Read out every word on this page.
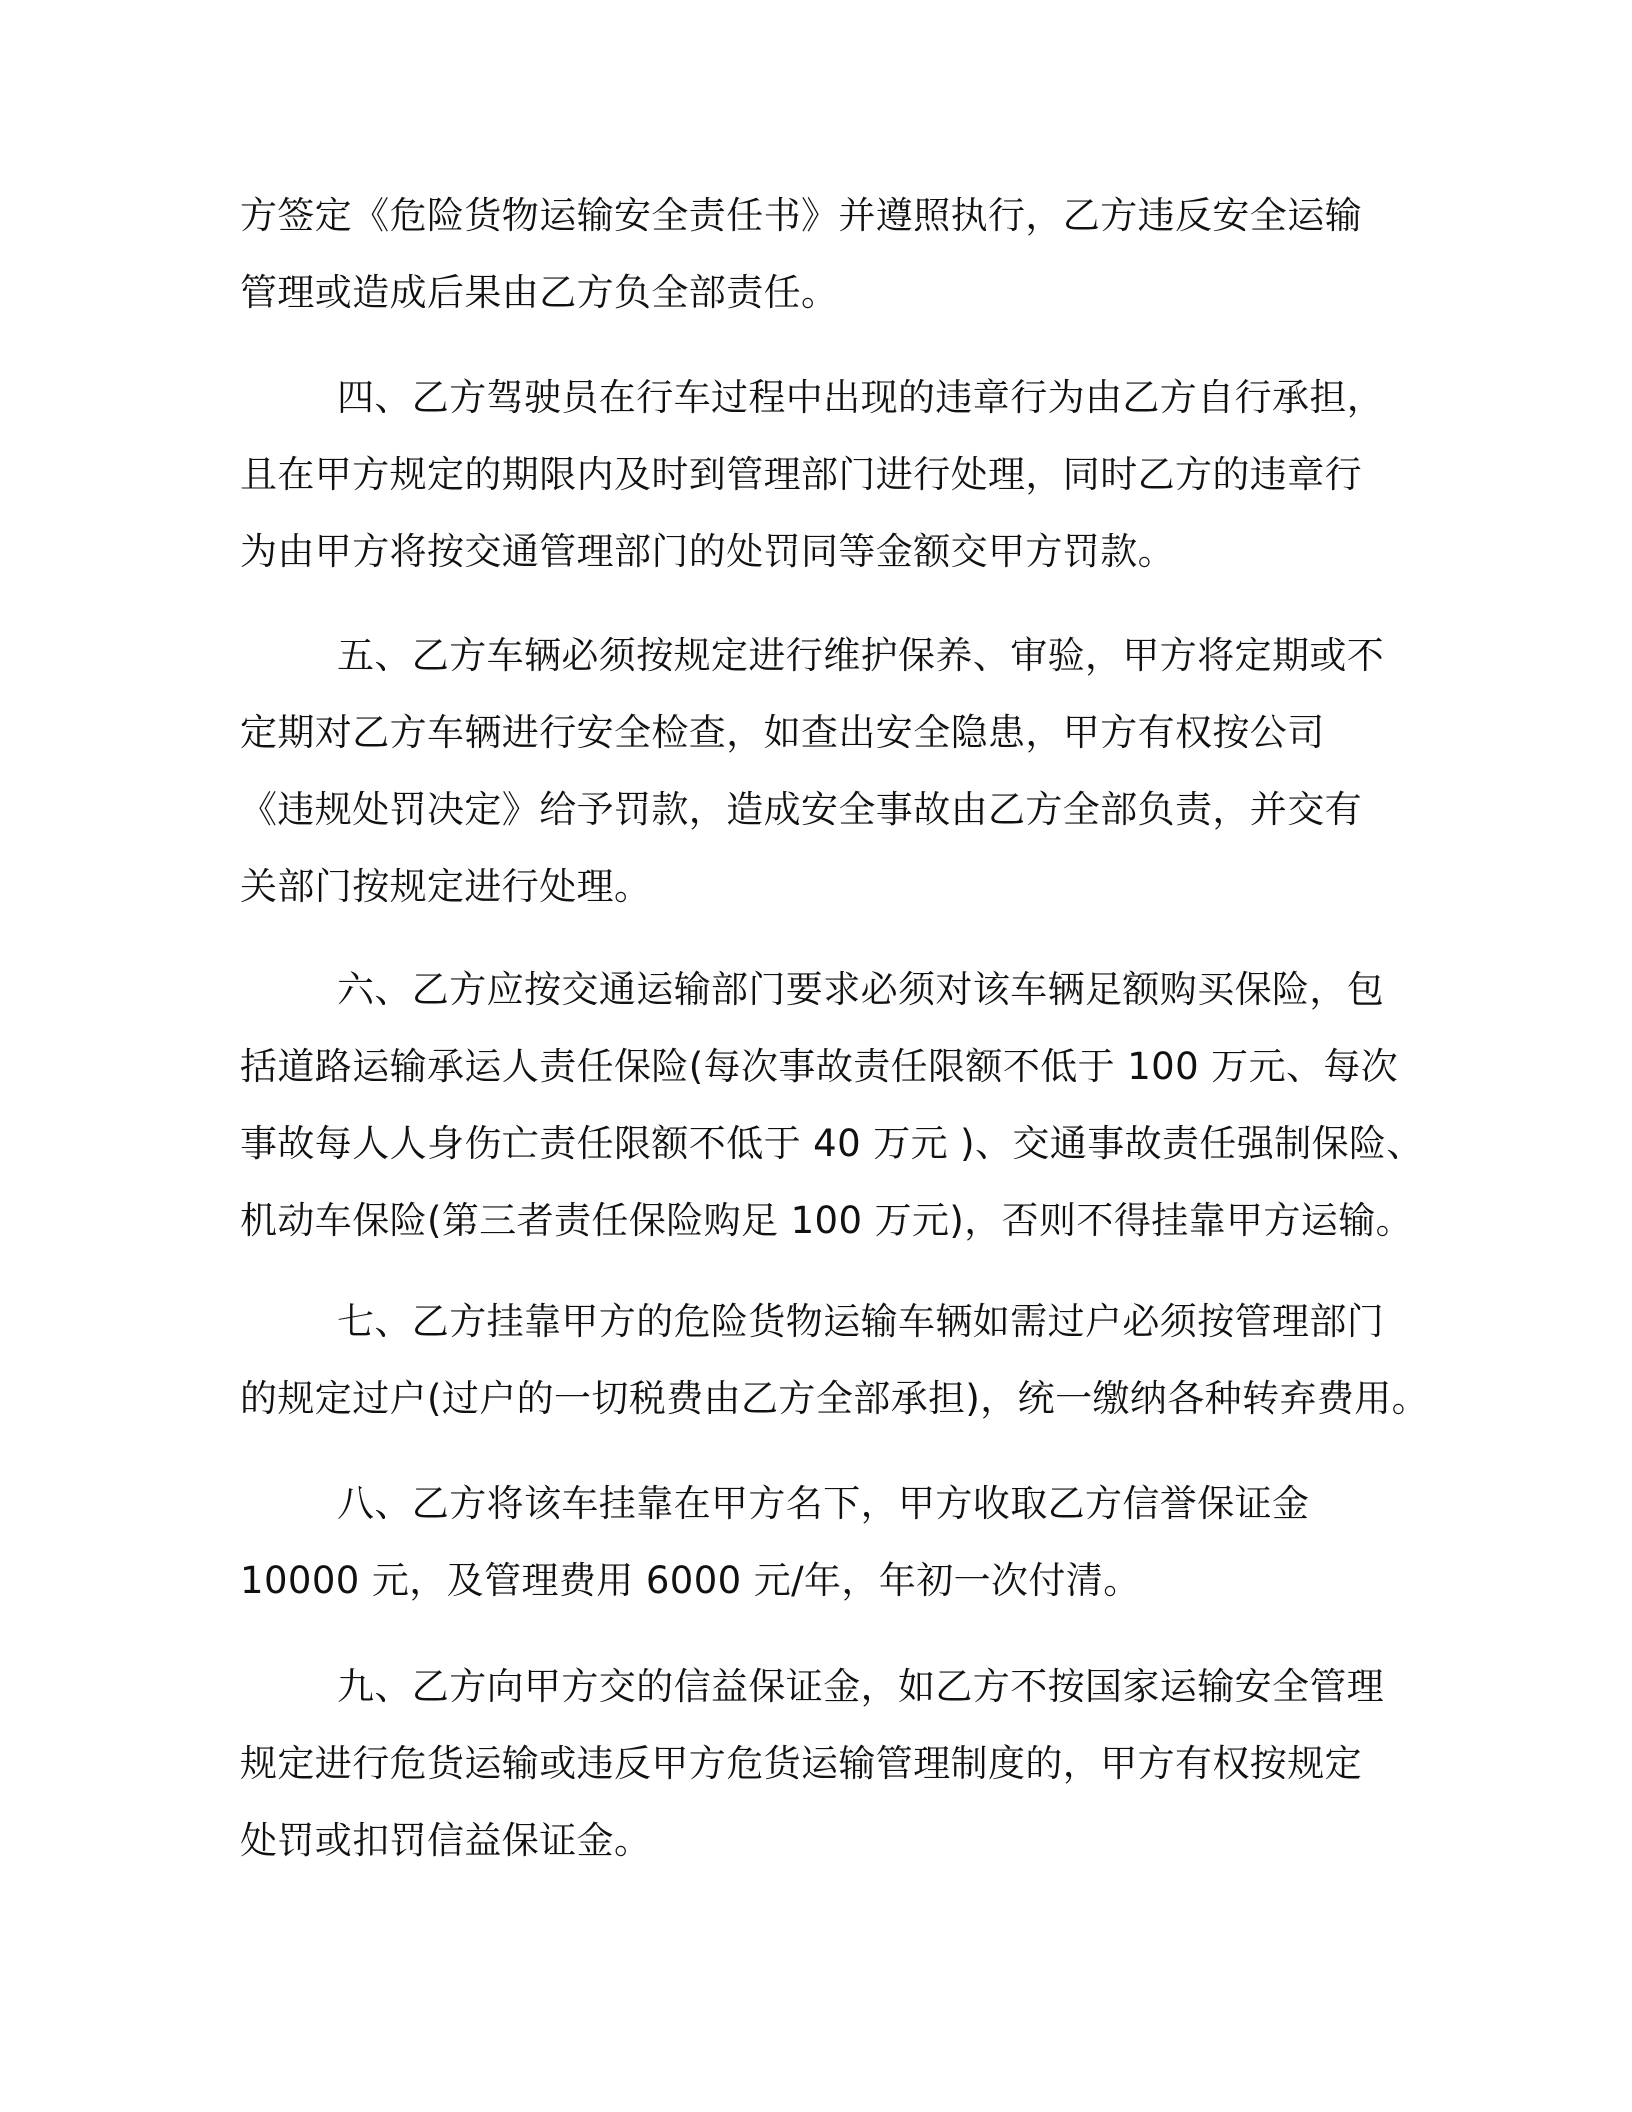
方签定《危险货物运输安全责任书》并遵照执行，乙方违反安全运输
管理或造成后果由乙方负全部责任。
四、乙方驾驶员在行车过程中出现的违章行为由乙方自行承担，
且在甲方规定的期限内及时到管理部门进行处理，同时乙方的违章行
为由甲方将按交通管理部门的处罚同等金额交甲方罚款。
五、乙方车辆必须按规定进行维护保养、审验，甲方将定期或不
定期对乙方车辆进行安全检查，如查出安全隐患，甲方有权按公司
《违规处罚决定》给予罚款，造成安全事故由乙方全部负责，并交有
关部门按规定进行处理。
六、乙方应按交通运输部门要求必须对该车辆足额购买保险，包
括道路运输承运人责任保险(每次事故责任限额不低于 100 万元、每次
事故每人人身伤亡责任限额不低于 40 万元 )、交通事故责任强制保险、
机动车保险(第三者责任保险购足 100 万元)，否则不得挂靠甲方运输。
七、乙方挂靠甲方的危险货物运输车辆如需过户必须按管理部门
的规定过户(过户的一切税费由乙方全部承担)，统一缴纳各种转弃费用。
八、乙方将该车挂靠在甲方名下，甲方收取乙方信誉保证金
10000 元，及管理费用 6000 元/年，年初一次付清。
九、乙方向甲方交的信益保证金，如乙方不按国家运输安全管理
规定进行危货运输或违反甲方危货运输管理制度的，甲方有权按规定
处罚或扣罚信益保证金。
